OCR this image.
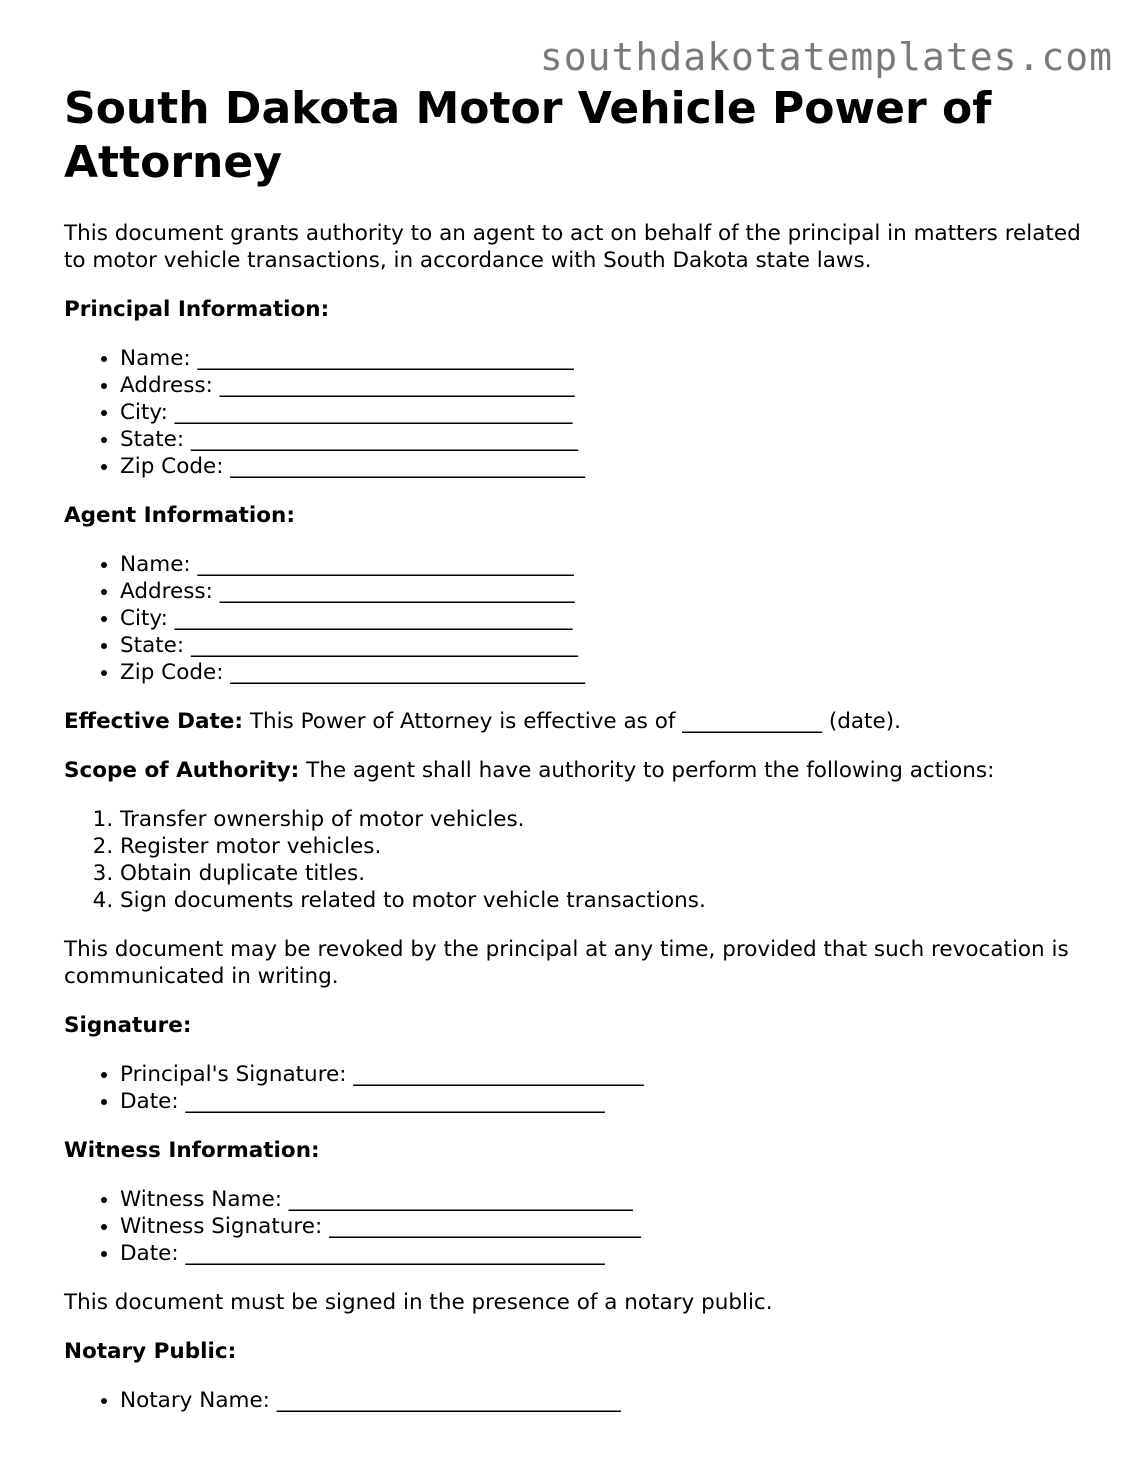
southdakotatemplates.com
South Dakota Motor Vehicle Power of Attorney

This document grants authority to an agent to act on behalf of the principal in matters related to motor vehicle transactions, in accordance with South Dakota state laws.

Principal Information:
• Name: ___________________________________
• Address: _________________________________
• City: _____________________________________
• State: ____________________________________
• Zip Code: _________________________________
Agent Information:
• Name: ___________________________________
• Address: _________________________________
• City: _____________________________________
• State: ____________________________________
• Zip Code: _________________________________

Effective Date: This Power of Attorney is effective as of _____________ (date).

Scope of Authority: The agent shall have authority to perform the following actions:

1. Transfer ownership of motor vehicles.
2. Register motor vehicles.
3. Obtain duplicate titles.
4. Sign documents related to motor vehicle transactions.

This document may be revoked by the principal at any time, provided that such revocation is communicated in writing.

Signature:
• Principal's Signature: ___________________________
• Date: _______________________________________
Witness Information:
• Witness Name: ________________________________
• Witness Signature: _____________________________
• Date: _______________________________________

This document must be signed in the presence of a notary public.

Notary Public:
• Notary Name: ________________________________
